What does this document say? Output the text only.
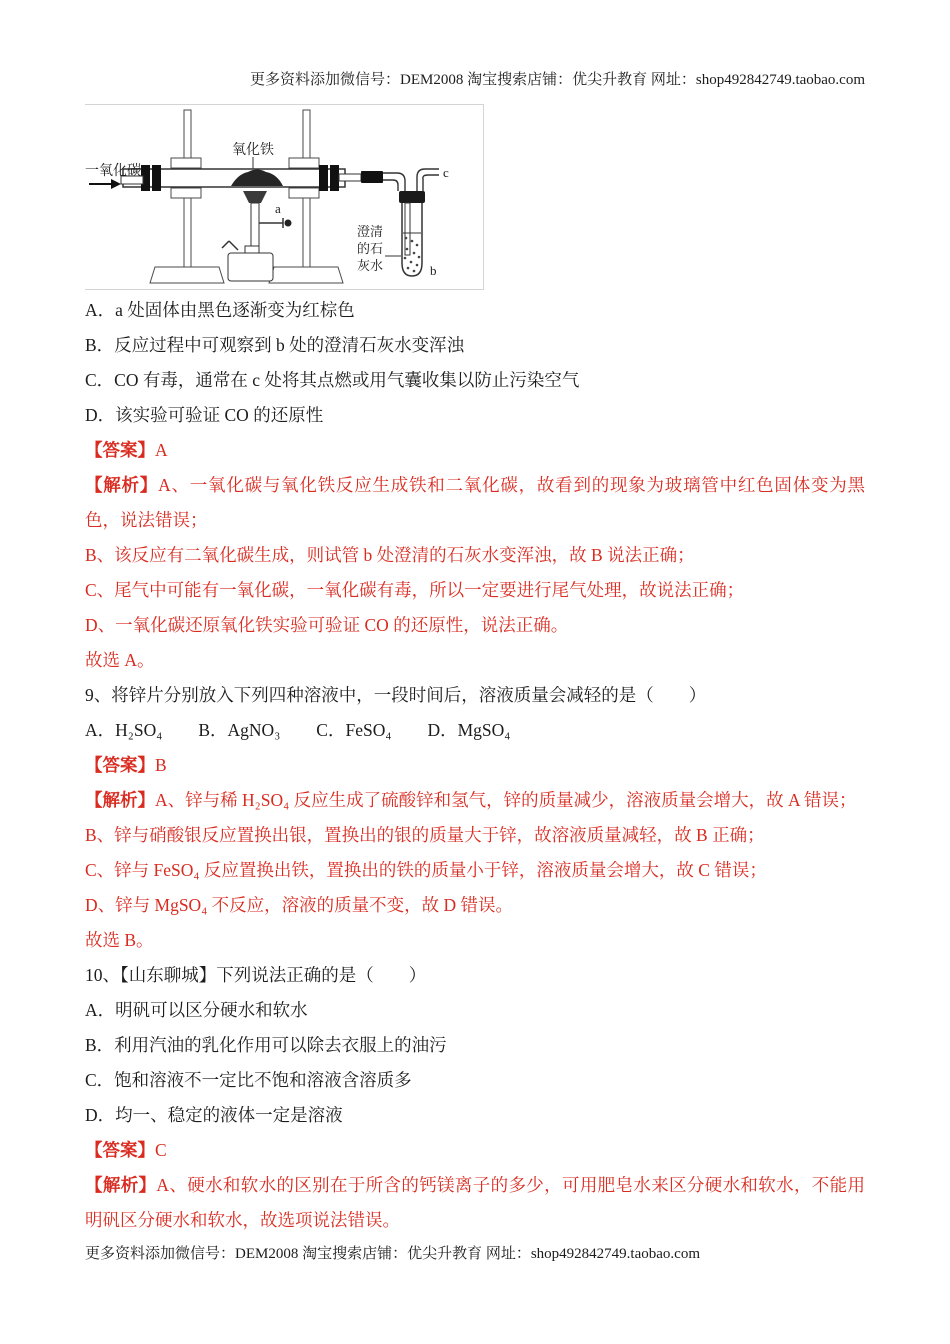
更多资料添加微信号：DEM2008 淘宝搜索店铺：优尖升教育 网址：shop492842749.taobao.com
一氧化碳
氧化铁
a
c
b
澄清
的石
灰水

A．a 处固体由黑色逐渐变为红棕色

B．反应过程中可观察到 b 处的澄清石灰水变浑浊

C．CO 有毒，通常在 c 处将其点燃或用气囊收集以防止污染空气

D．该实验可验证 CO 的还原性

【答案】A

【解析】A、一氧化碳与氧化铁反应生成铁和二氧化碳，故看到的现象为玻璃管中红色固体变为黑色，说法错误；

B、该反应有二氧化碳生成，则试管 b 处澄清的石灰水变浑浊，故 B 说法正确；

C、尾气中可能有一氧化碳，一氧化碳有毒，所以一定要进行尾气处理，故说法正确；

D、一氧化碳还原氧化铁实验可验证 CO 的还原性，说法正确。

故选 A。

9、将锌片分别放入下列四种溶液中，一段时间后，溶液质量会减轻的是（　　）

A．H₂SO₄ B．AgNO₃ C．FeSO₄ D．MgSO₄

【答案】B

【解析】A、锌与稀 H₂SO₄ 反应生成了硫酸锌和氢气，锌的质量减少，溶液质量会增大，故 A 错误；

B、锌与硝酸银反应置换出银，置换出的银的质量大于锌，故溶液质量减轻，故 B 正确；

C、锌与 FeSO₄ 反应置换出铁，置换出的铁的质量小于锌，溶液质量会增大，故 C 错误；

D、锌与 MgSO₄ 不反应，溶液的质量不变，故 D 错误。

故选 B。

10、【山东聊城】下列说法正确的是（　　）

A．明矾可以区分硬水和软水

B．利用汽油的乳化作用可以除去衣服上的油污

C．饱和溶液不一定比不饱和溶液含溶质多

D．均一、稳定的液体一定是溶液

【答案】C

【解析】A、硬水和软水的区别在于所含的钙镁离子的多少，可用肥皂水来区分硬水和软水，不能用明矾区分硬水和软水，故选项说法错误。

更多资料添加微信号：DEM2008 淘宝搜索店铺：优尖升教育 网址：shop492842749.taobao.com
